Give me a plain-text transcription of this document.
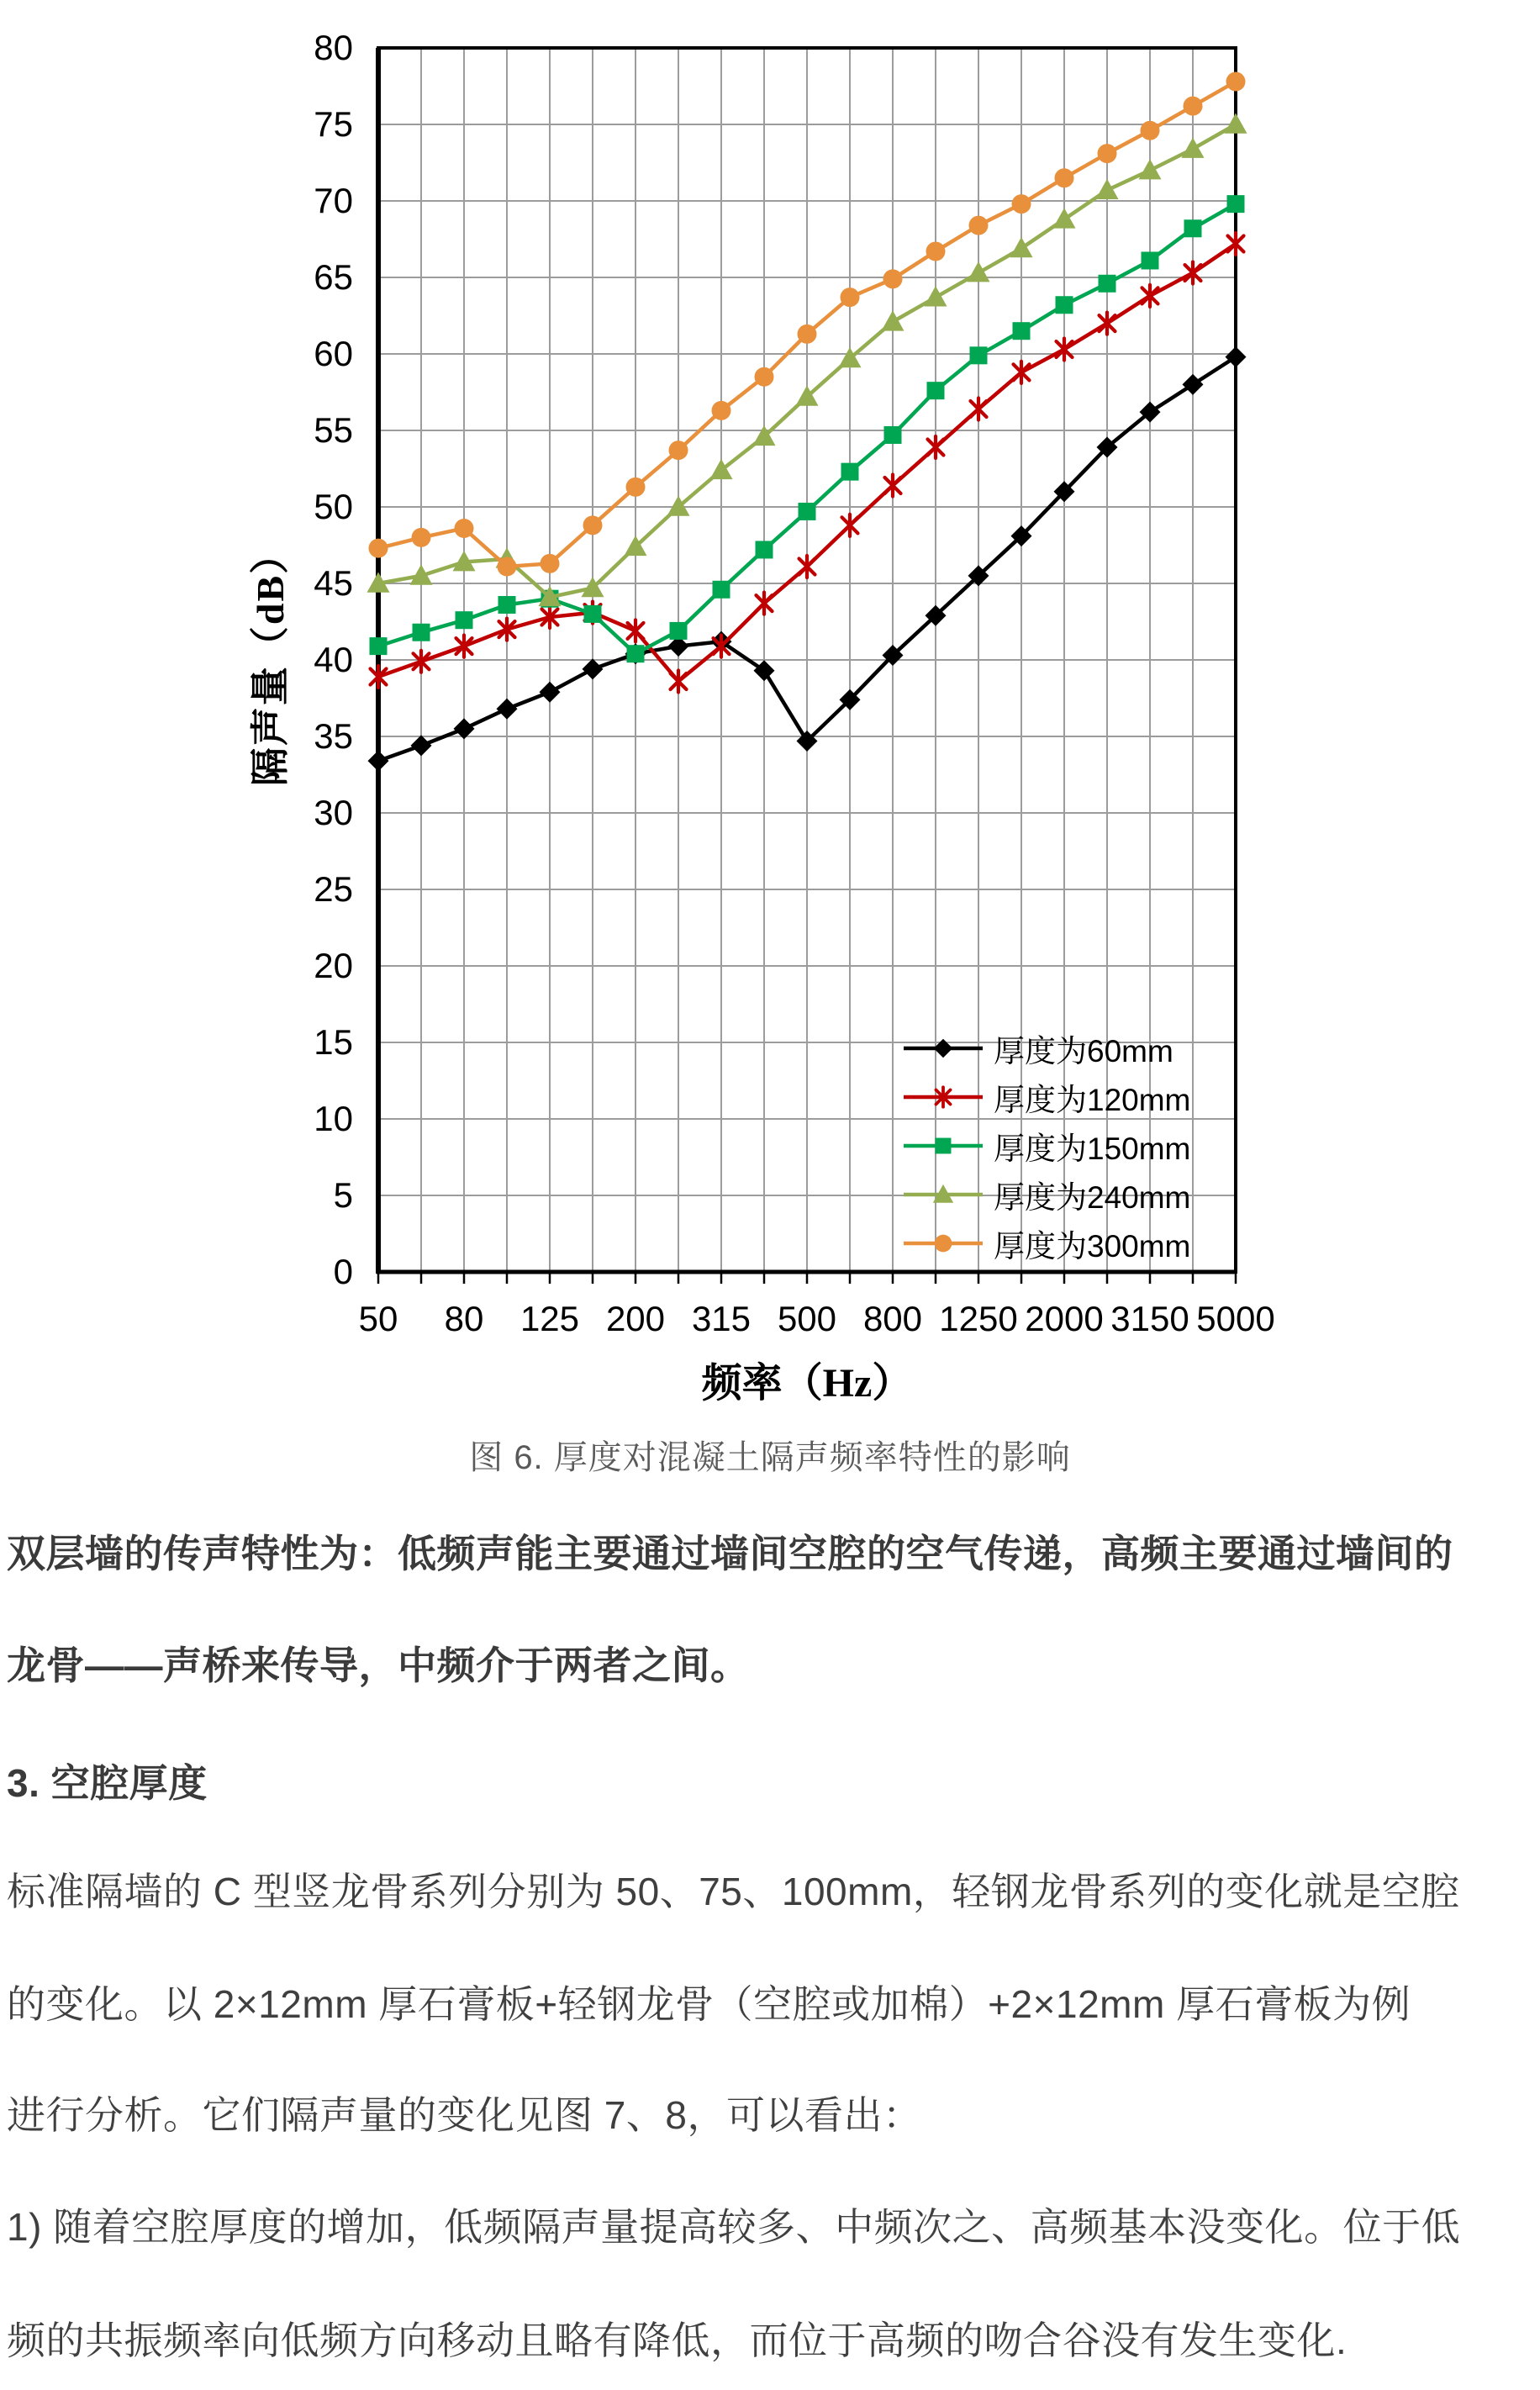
隔声量（dB）
0
5
10
15
20
25
30
35
40
45
50
55
60
65
70
75
80
50	80	125 200 315 500 800 1250 2000 3150 5000
频率（Hz）
厚度为60mm
厚度为120mm
厚度为150mm
厚度为240mm
厚度为300mm
图 6. 厚度对混凝土隔声频率特性的影响
双层墙的传声特性为：低频声能主要通过墙间空腔的空气传递，高频主要通过墙间的
龙骨——声桥来传导，中频介于两者之间。
3. 空腔厚度
标准隔墙的 C 型竖龙骨系列分别为 50、75、100mm，轻钢龙骨系列的变化就是空腔
的变化。以 2×12mm 厚石膏板+轻钢龙骨（空腔或加棉）+2×12mm 厚石膏板为例
进行分析。它们隔声量的变化见图 7、8，可以看出：
1) 随着空腔厚度的增加，低频隔声量提高较多、中频次之、高频基本没变化。位于低
频的共振频率向低频方向移动且略有降低，而位于高频的吻合谷没有发生变化.
